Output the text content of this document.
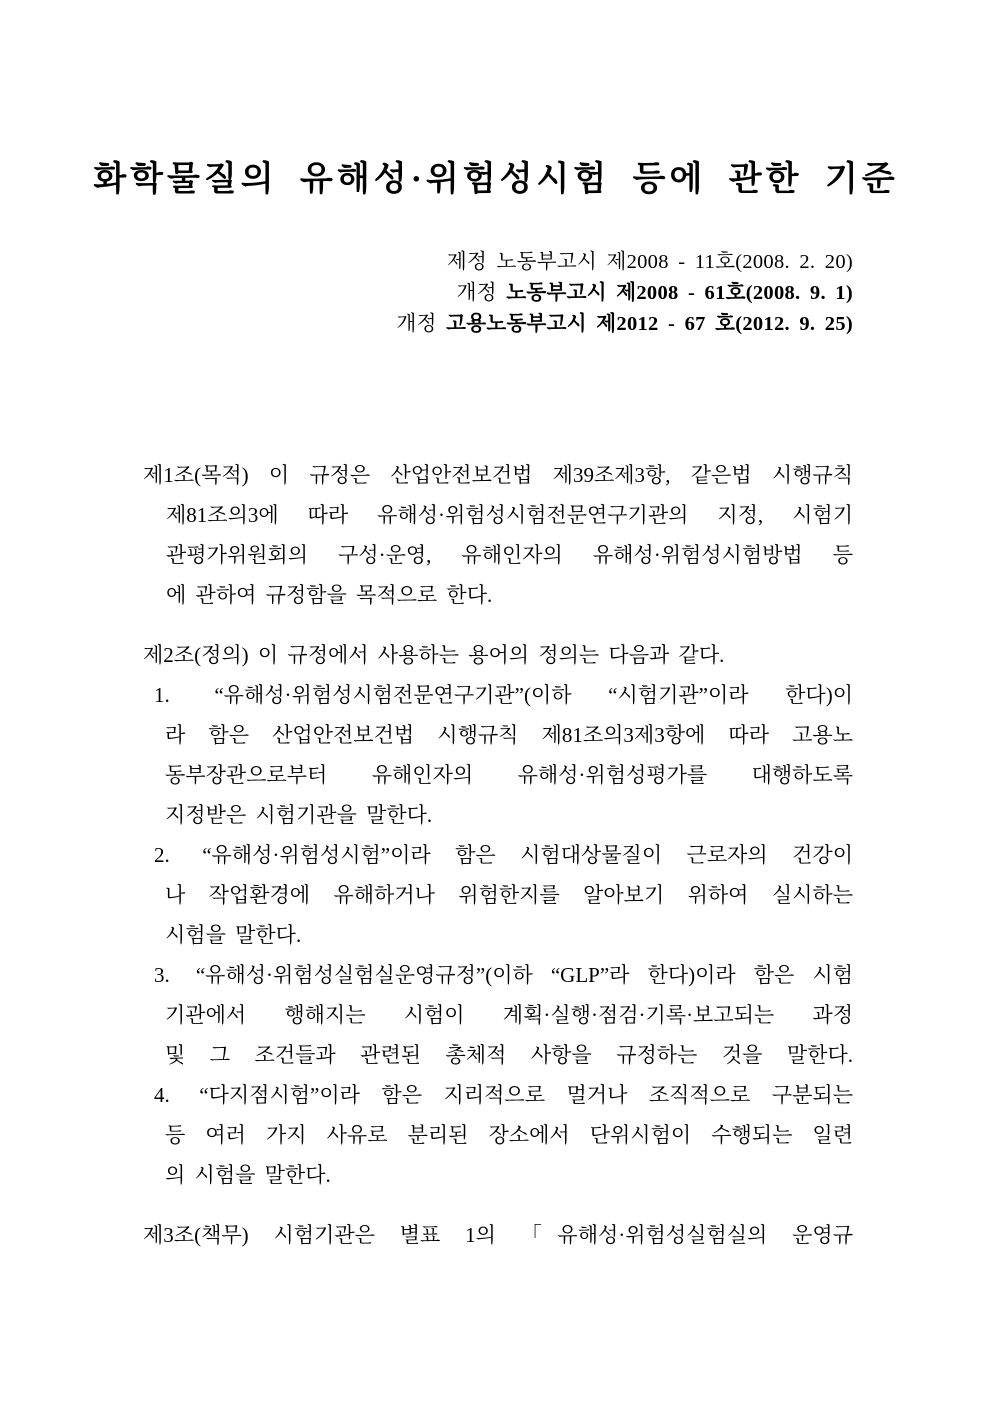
화학물질의 유해성·위험성시험 등에 관한 기준
제정 노동부고시 제2008 - 11호(2008. 2. 20)
개정 노동부고시 제2008 - 61호(2008. 9. 1)
개정 고용노동부고시 제2012 - 67 호(2012. 9. 25)
제1조(목적) 이 규정은 산업안전보건법 제39조제3항, 같은법 시행규칙
제81조의3에 따라 유해성·위험성시험전문연구기관의 지정, 시험기
관평가위원회의 구성·운영, 유해인자의 유해성·위험성시험방법 등
에 관하여 규정함을 목적으로 한다.
제2조(정의) 이 규정에서 사용하는 용어의 정의는 다음과 같다.
1. “유해성·위험성시험전문연구기관”(이하 “시험기관”이라 한다)이
라 함은 산업안전보건법 시행규칙 제81조의3제3항에 따라 고용노
동부장관으로부터 유해인자의 유해성·위험성평가를 대행하도록
지정받은 시험기관을 말한다.
2. “유해성·위험성시험”이라 함은 시험대상물질이 근로자의 건강이
나 작업환경에 유해하거나 위험한지를 알아보기 위하여 실시하는
시험을 말한다.
3. “유해성·위험성실험실운영규정”(이하 “GLP”라 한다)이라 함은 시험
기관에서 행해지는 시험이 계획·실행·점검·기록·보고되는 과정
및 그 조건들과 관련된 총체적 사항을 규정하는 것을 말한다.
4. “다지점시험”이라 함은 지리적으로 멀거나 조직적으로 구분되는
등 여러 가지 사유로 분리된 장소에서 단위시험이 수행되는 일련
의 시험을 말한다.
제3조(책무) 시험기관은 별표 1의 「유해성·위험성실험실의 운영규
